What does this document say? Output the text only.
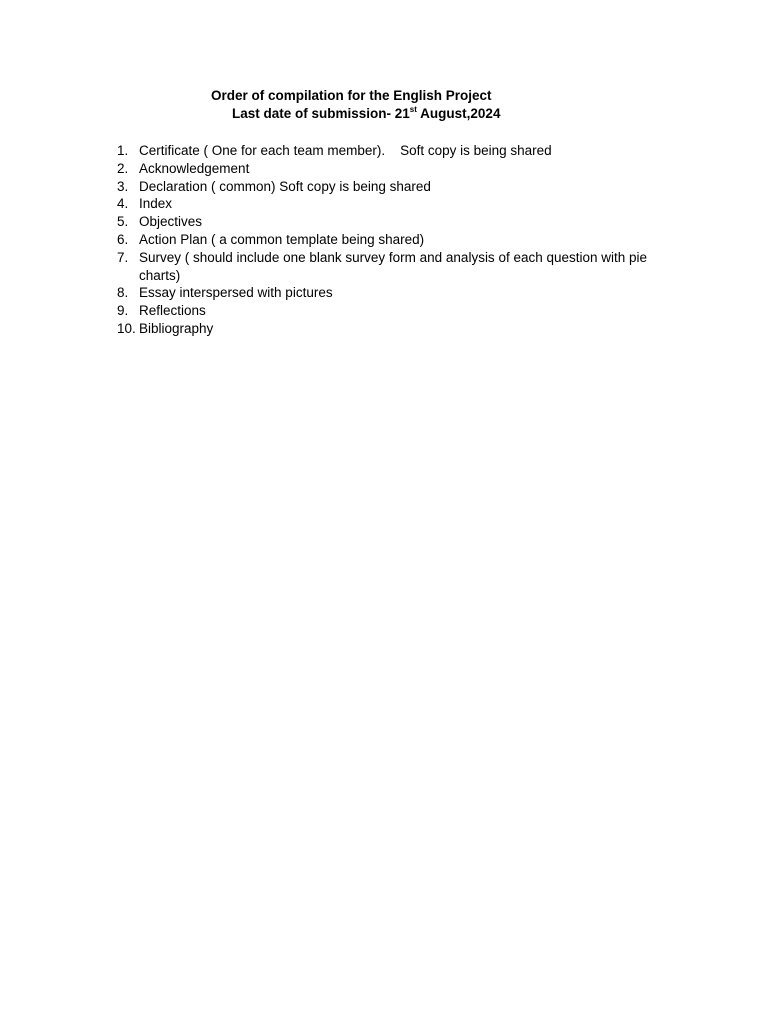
Order of compilation for the English Project
Last date of submission- 21st August,2024
1. Certificate ( One for each team member).    Soft copy is being shared
2. Acknowledgement
3. Declaration ( common) Soft copy is being shared
4. Index
5. Objectives
6. Action Plan ( a common template being shared)
7. Survey ( should include one blank survey form and analysis of each question with pie charts)
8. Essay interspersed with pictures
9. Reflections
10. Bibliography
